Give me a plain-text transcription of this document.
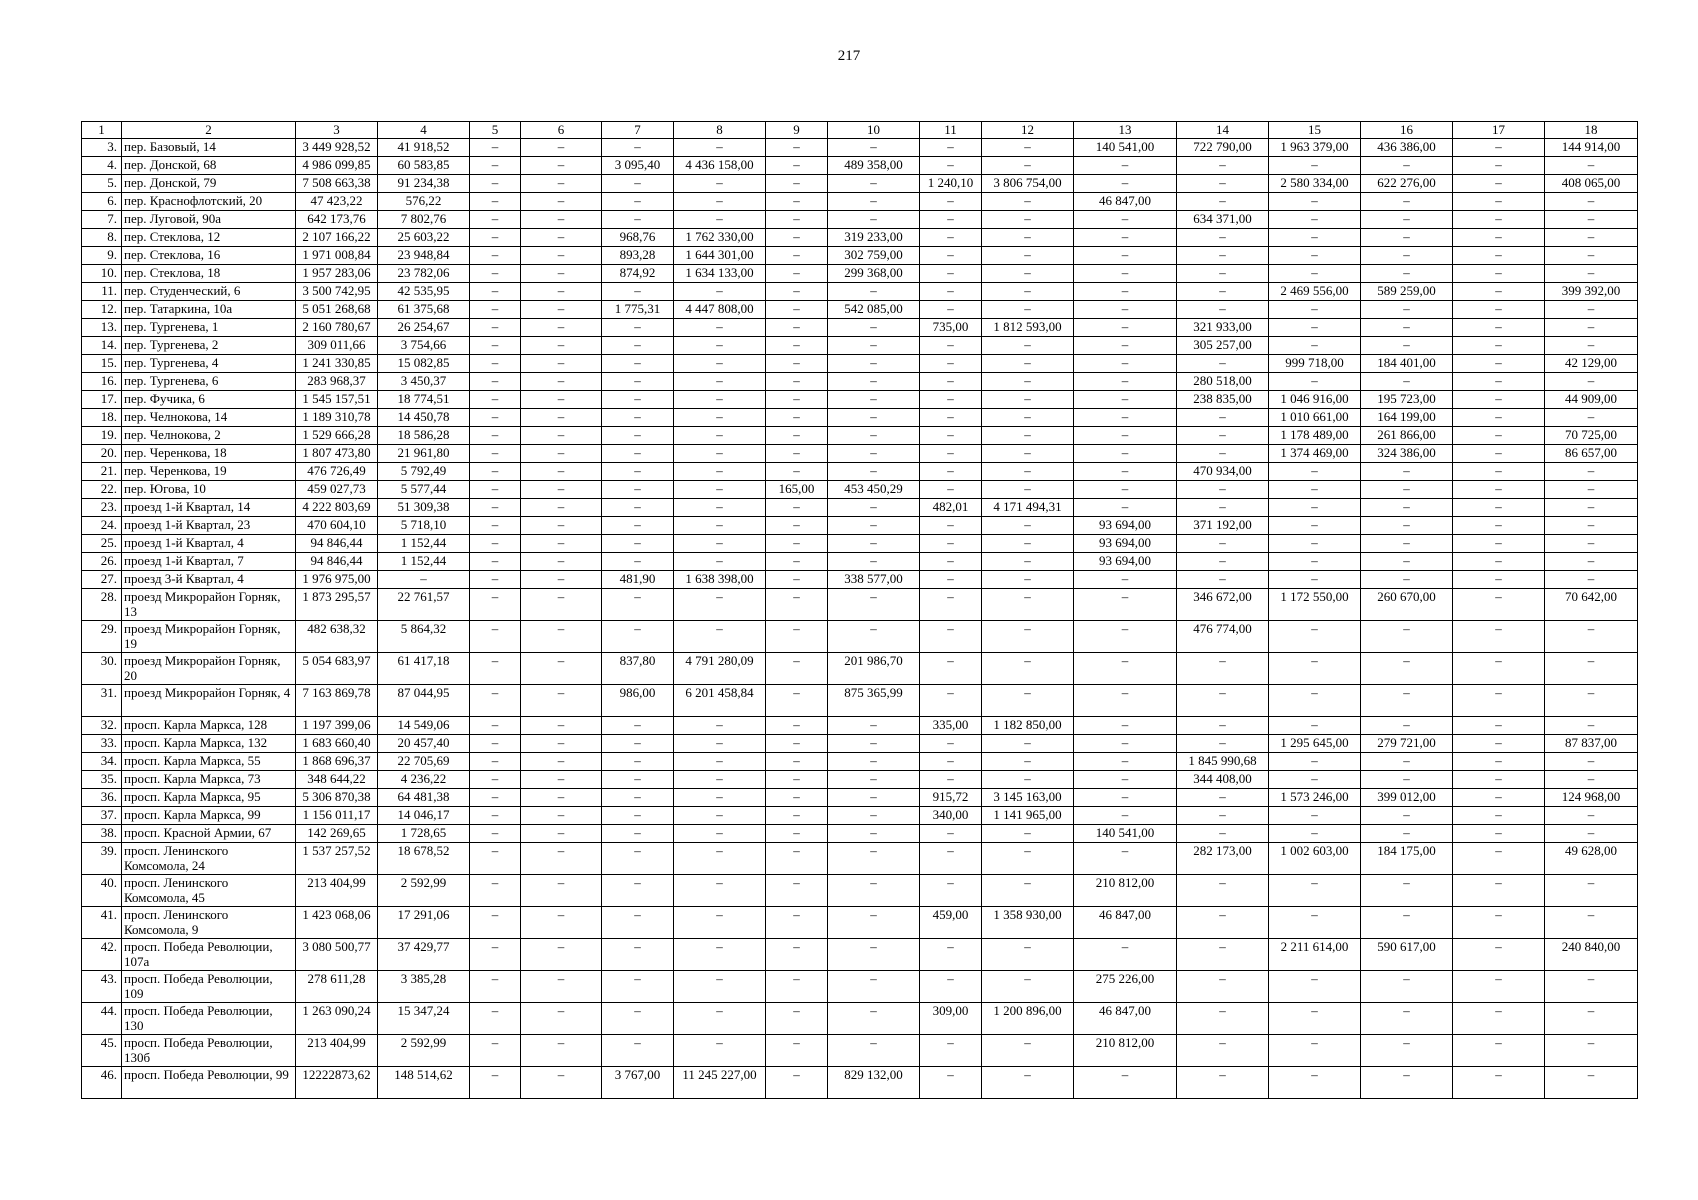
217
1	2	3	4	5	6	7	8	9	10	11	12	13	14	15	16	17	18
3.	пер. Базовый, 14	3 449 928,52	41 918,52	–	–	–	–	–	–	–	–	140 541,00	722 790,00	1 963 379,00	436 386,00	–	144 914,00
4.	пер. Донской, 68	4 986 099,85	60 583,85	–	–	3 095,40	4 436 158,00	–	489 358,00	–	–	–	–	–	–	–	–
5.	пер. Донской, 79	7 508 663,38	91 234,38	–	–	–	–	–	–	1 240,10	3 806 754,00	–	–	2 580 334,00	622 276,00	–	408 065,00
6.	пер. Краснофлотский, 20	47 423,22	576,22	–	–	–	–	–	–	–	–	46 847,00	–	–	–	–	–
7.	пер. Луговой, 90а	642 173,76	7 802,76	–	–	–	–	–	–	–	–	–	634 371,00	–	–	–	–
8.	пер. Стеклова, 12	2 107 166,22	25 603,22	–	–	968,76	1 762 330,00	–	319 233,00	–	–	–	–	–	–	–	–
9.	пер. Стеклова, 16	1 971 008,84	23 948,84	–	–	893,28	1 644 301,00	–	302 759,00	–	–	–	–	–	–	–	–
10.	пер. Стеклова, 18	1 957 283,06	23 782,06	–	–	874,92	1 634 133,00	–	299 368,00	–	–	–	–	–	–	–	–
11.	пер. Студенческий, 6	3 500 742,95	42 535,95	–	–	–	–	–	–	–	–	–	–	2 469 556,00	589 259,00	–	399 392,00
12.	пер. Татаркина, 10а	5 051 268,68	61 375,68	–	–	1 775,31	4 447 808,00	–	542 085,00	–	–	–	–	–	–	–	–
13.	пер. Тургенева, 1	2 160 780,67	26 254,67	–	–	–	–	–	–	735,00	1 812 593,00	–	321 933,00	–	–	–	–
14.	пер. Тургенева, 2	309 011,66	3 754,66	–	–	–	–	–	–	–	–	–	305 257,00	–	–	–	–
15.	пер. Тургенева, 4	1 241 330,85	15 082,85	–	–	–	–	–	–	–	–	–	–	999 718,00	184 401,00	–	42 129,00
16.	пер. Тургенева, 6	283 968,37	3 450,37	–	–	–	–	–	–	–	–	–	280 518,00	–	–	–	–
17.	пер. Фучика, 6	1 545 157,51	18 774,51	–	–	–	–	–	–	–	–	–	238 835,00	1 046 916,00	195 723,00	–	44 909,00
18.	пер. Челнокова, 14	1 189 310,78	14 450,78	–	–	–	–	–	–	–	–	–	–	1 010 661,00	164 199,00	–	–
19.	пер. Челнокова, 2	1 529 666,28	18 586,28	–	–	–	–	–	–	–	–	–	–	1 178 489,00	261 866,00	–	70 725,00
20.	пер. Черенкова, 18	1 807 473,80	21 961,80	–	–	–	–	–	–	–	–	–	–	1 374 469,00	324 386,00	–	86 657,00
21.	пер. Черенкова, 19	476 726,49	5 792,49	–	–	–	–	–	–	–	–	–	470 934,00	–	–	–	–
22.	пер. Югова, 10	459 027,73	5 577,44	–	–	–	–	165,00	453 450,29	–	–	–	–	–	–	–	–
23.	проезд 1-й Квартал, 14	4 222 803,69	51 309,38	–	–	–	–	–	–	482,01	4 171 494,31	–	–	–	–	–	–
24.	проезд 1-й Квартал, 23	470 604,10	5 718,10	–	–	–	–	–	–	–	–	93 694,00	371 192,00	–	–	–	–
25.	проезд 1-й Квартал, 4	94 846,44	1 152,44	–	–	–	–	–	–	–	–	93 694,00	–	–	–	–	–
26.	проезд 1-й Квартал, 7	94 846,44	1 152,44	–	–	–	–	–	–	–	–	93 694,00	–	–	–	–	–
27.	проезд 3-й Квартал, 4	1 976 975,00	–	–	–	481,90	1 638 398,00	–	338 577,00	–	–	–	–	–	–	–	–
28.	проезд Микрорайон Горняк, 13	1 873 295,57	22 761,57	–	–	–	–	–	–	–	–	–	346 672,00	1 172 550,00	260 670,00	–	70 642,00
29.	проезд Микрорайон Горняк, 19	482 638,32	5 864,32	–	–	–	–	–	–	–	–	–	476 774,00	–	–	–	–
30.	проезд Микрорайон Горняк, 20	5 054 683,97	61 417,18	–	–	837,80	4 791 280,09	–	201 986,70	–	–	–	–	–	–	–	–
31.	проезд Микрорайон Горняк, 4	7 163 869,78	87 044,95	–	–	986,00	6 201 458,84	–	875 365,99	–	–	–	–	–	–	–	–
32.	просп. Карла Маркса, 128	1 197 399,06	14 549,06	–	–	–	–	–	–	335,00	1 182 850,00	–	–	–	–	–	–
33.	просп. Карла Маркса, 132	1 683 660,40	20 457,40	–	–	–	–	–	–	–	–	–	–	1 295 645,00	279 721,00	–	87 837,00
34.	просп. Карла Маркса, 55	1 868 696,37	22 705,69	–	–	–	–	–	–	–	–	–	1 845 990,68	–	–	–	–
35.	просп. Карла Маркса, 73	348 644,22	4 236,22	–	–	–	–	–	–	–	–	–	344 408,00	–	–	–	–
36.	просп. Карла Маркса, 95	5 306 870,38	64 481,38	–	–	–	–	–	–	915,72	3 145 163,00	–	–	1 573 246,00	399 012,00	–	124 968,00
37.	просп. Карла Маркса, 99	1 156 011,17	14 046,17	–	–	–	–	–	–	340,00	1 141 965,00	–	–	–	–	–	–
38.	просп. Красной Армии, 67	142 269,65	1 728,65	–	–	–	–	–	–	–	–	140 541,00	–	–	–	–	–
39.	просп. Ленинского Комсомола, 24	1 537 257,52	18 678,52	–	–	–	–	–	–	–	–	–	282 173,00	1 002 603,00	184 175,00	–	49 628,00
40.	просп. Ленинского Комсомола, 45	213 404,99	2 592,99	–	–	–	–	–	–	–	–	210 812,00	–	–	–	–	–
41.	просп. Ленинского Комсомола, 9	1 423 068,06	17 291,06	–	–	–	–	–	–	459,00	1 358 930,00	46 847,00	–	–	–	–	–
42.	просп. Победа Революции, 107а	3 080 500,77	37 429,77	–	–	–	–	–	–	–	–	–	–	2 211 614,00	590 617,00	–	240 840,00
43.	просп. Победа Революции, 109	278 611,28	3 385,28	–	–	–	–	–	–	–	–	275 226,00	–	–	–	–	–
44.	просп. Победа Революции, 130	1 263 090,24	15 347,24	–	–	–	–	–	–	309,00	1 200 896,00	46 847,00	–	–	–	–	–
45.	просп. Победа Революции, 130б	213 404,99	2 592,99	–	–	–	–	–	–	–	–	210 812,00	–	–	–	–	–
46.	просп. Победа Революции, 99	12222873,62	148 514,62	–	–	3 767,00	11 245 227,00	–	829 132,00	–	–	–	–	–	–	–	–
